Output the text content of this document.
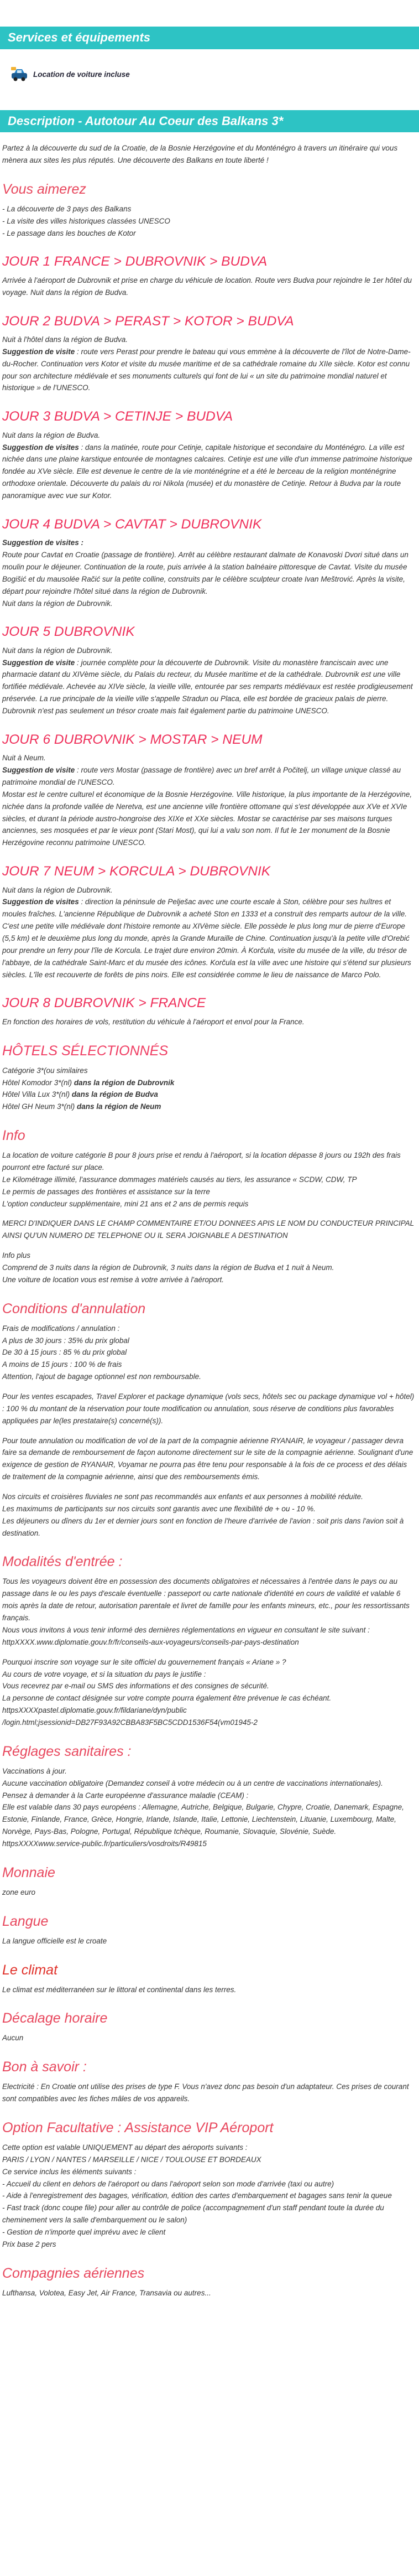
Services et équipements
Location de voiture incluse
Description - Autotour Au Coeur des Balkans 3*

Partez à la découverte du sud de la Croatie, de la Bosnie Herzégovine et du Monténégro à travers un itinéraire qui vous mènera aux sites les plus réputés. Une découverte des Balkans en toute liberté !

Vous aimerez

- La découverte de 3 pays des Balkans
- La visite des villes historiques classées UNESCO
- Le passage dans les bouches de Kotor

JOUR 1 FRANCE > DUBROVNIK > BUDVA

Arrivée à l'aéroport de Dubrovnik et prise en charge du véhicule de location. Route vers Budva pour rejoindre le 1er hôtel du voyage. Nuit dans la région de Budva.

JOUR 2 BUDVA > PERAST > KOTOR > BUDVA

Nuit à l'hôtel dans la région de Budva.
Suggestion de visite : route vers Perast pour prendre le bateau qui vous emmène à la découverte de l'îlot de Notre-Dame-du-Rocher. Continuation vers Kotor et visite du musée maritime et de sa cathédrale romaine du XIIe siècle. Kotor est connu pour son architecture médiévale et ses monuments culturels qui font de lui « un site du patrimoine mondial naturel et historique » de l'UNESCO.

JOUR 3 BUDVA > CETINJE > BUDVA

Nuit dans la région de Budva.
Suggestion de visites : dans la matinée, route pour Cetinje, capitale historique et secondaire du Monténégro. La ville est nichée dans une plaine karstique entourée de montagnes calcaires. Cetinje est une ville d'un immense patrimoine historique fondée au XVe siècle. Elle est devenue le centre de la vie monténégrine et a été le berceau de la religion monténégrine orthodoxe orientale. Découverte du palais du roi Nikola (musée) et du monastère de Cetinje. Retour à Budva par la route panoramique avec vue sur Kotor.

JOUR 4 BUDVA > CAVTAT > DUBROVNIK

Suggestion de visites :
Route pour Cavtat en Croatie (passage de frontière). Arrêt au célèbre restaurant dalmate de Konavoski Dvori situé dans un moulin pour le déjeuner. Continuation de la route, puis arrivée à la station balnéaire pittoresque de Cavtat. Visite du musée Bogišić et du mausolée Račić sur la petite colline, construits par le célèbre sculpteur croate Ivan Meštrović. Après la visite, départ pour rejoindre l'hôtel situé dans la région de Dubrovnik.
Nuit dans la région de Dubrovnik.

JOUR 5 DUBROVNIK

Nuit dans la région de Dubrovnik.
Suggestion de visite : journée complète pour la découverte de Dubrovnik. Visite du monastère franciscain avec une pharmacie datant du XIVème siècle, du Palais du recteur, du Musée maritime et de la cathédrale. Dubrovnik est une ville fortifiée médiévale. Achevée au XIVe siècle, la vieille ville, entourée par ses remparts médiévaux est restée prodigieusement préservée. La rue principale de la vieille ville s'appelle Stradun ou Placa, elle est bordée de gracieux palais de pierre. Dubrovnik n'est pas seulement un trésor croate mais fait également partie du patrimoine UNESCO.

JOUR 6 DUBROVNIK > MOSTAR > NEUM

Nuit à Neum.
Suggestion de visite : route vers Mostar (passage de frontière) avec un bref arrêt à Počitelj, un village unique classé au patrimoine mondial de l'UNESCO.
Mostar est le centre culturel et économique de la Bosnie Herzégovine. Ville historique, la plus importante de la Herzégovine, nichée dans la profonde vallée de Neretva, est une ancienne ville frontière ottomane qui s'est développée aux XVe et XVIe siècles, et durant la période austro-hongroise des XIXe et XXe siècles. Mostar se caractérise par ses maisons turques anciennes, ses mosquées et par le vieux pont (Stari Most), qui lui a valu son nom. Il fut le 1er monument de la Bosnie Herzégovine reconnu patrimoine UNESCO.

JOUR 7 NEUM > KORCULA > DUBROVNIK

Nuit dans la région de Dubrovnik.
Suggestion de visites : direction la péninsule de Pelješac avec une courte escale à Ston, célèbre pour ses huîtres et moules fraîches. L'ancienne République de Dubrovnik a acheté Ston en 1333 et a construit des remparts autour de la ville. C'est une petite ville médiévale dont l'histoire remonte au XIVème siècle. Elle possède le plus long mur de pierre d'Europe (5,5 km) et le deuxième plus long du monde, après la Grande Muraille de Chine. Continuation jusqu'à la petite ville d'Orebić pour prendre un ferry pour l'île de Korcula. Le trajet dure environ 20min. À Korčula, visite du musée de la ville, du trésor de l'abbaye, de la cathédrale Saint-Marc et du musée des icônes. Korčula est la ville avec une histoire qui s'étend sur plusieurs siècles. L'île est recouverte de forêts de pins noirs. Elle est considérée comme le lieu de naissance de Marco Polo.

JOUR 8 DUBROVNIK > FRANCE

En fonction des horaires de vols, restitution du véhicule à l'aéroport et envol pour la France.

HÔTELS SÉLECTIONNÉS

Catégorie 3*(ou similaires
Hôtel Komodor 3*(nl) dans la région de Dubrovnik
Hôtel Villa Lux 3*(nl) dans la région de Budva
Hôtel GH Neum 3*(nl) dans la région de Neum

Info

La location de voiture catégorie B pour 8 jours prise et rendu à l'aéroport, si la location dépasse 8 jours ou 192h des frais pourront etre facturé sur place.
Le Kilométrage illimité, l'assurance dommages matériels causés au tiers, les assurance « SCDW, CDW, TP
Le permis de passages des frontières et assistance sur la terre
L'option conducteur supplémentaire, mini 21 ans et 2 ans de permis requis

MERCI D'INDIQUER DANS LE CHAMP COMMENTAIRE ET/OU DONNEES APIS LE NOM DU CONDUCTEUR PRINCIPAL AINSI QU'UN NUMERO DE TELEPHONE OU IL SERA JOIGNABLE A DESTINATION

Info plus
Comprend de 3 nuits dans la région de Dubrovnik, 3 nuits dans la région de Budva et 1 nuit à Neum.
Une voiture de location vous est remise à votre arrivée à l'aéroport.

Conditions d'annulation

Frais de modifications / annulation :
A plus de 30 jours : 35% du prix global
De 30 à 15 jours : 85 % du prix global
A moins de 15 jours : 100 % de frais
Attention, l'ajout de bagage optionnel est non remboursable.

Pour les ventes escapades, Travel Explorer et package dynamique (vols secs, hôtels sec ou package dynamique vol + hôtel) : 100 % du montant de la réservation pour toute modification ou annulation, sous réserve de conditions plus favorables appliquées par le(les prestataire(s) concerné(s)).

Pour toute annulation ou modification de vol de la part de la compagnie aérienne RYANAIR, le voyageur / passager devra faire sa demande de remboursement de façon autonome directement sur le site de la compagnie aérienne. Soulignant d'une exigence de gestion de RYANAIR, Voyamar ne pourra pas être tenu pour responsable à la fois de ce process et des délais de traitement de la compagnie aérienne, ainsi que des remboursements émis.

Nos circuits et croisières fluviales ne sont pas recommandés aux enfants et aux personnes à mobilité réduite.
Les maximums de participants sur nos circuits sont garantis avec une flexibilité de + ou - 10 %.
Les déjeuners ou dîners du 1er et dernier jours sont en fonction de l'heure d'arrivée de l'avion : soit pris dans l'avion soit à destination.

Modalités d'entrée :

Tous les voyageurs doivent être en possession des documents obligatoires et nécessaires à l'entrée dans le pays ou au passage dans le ou les pays d'escale éventuelle : passeport ou carte nationale d'identité en cours de validité et valable 6 mois après la date de retour, autorisation parentale et livret de famille pour les enfants mineurs, etc., pour les ressortissants français.
Nous vous invitons à vous tenir informé des dernières réglementations en vigueur en consultant le site suivant : httpXXXX.www.diplomatie.gouv.fr/fr/conseils-aux-voyageurs/conseils-par-pays-destination

Pourquoi inscrire son voyage sur le site officiel du gouvernement français « Ariane » ?
Au cours de votre voyage, et si la situation du pays le justifie :
Vous recevrez par e-mail ou SMS des informations et des consignes de sécurité.
La personne de contact désignée sur votre compte pourra également être prévenue le cas échéant.
httpsXXXXpastel.diplomatie.gouv.fr/fildariane/dyn/public
/login.html;jsessionid=DB27F93A92CBBA83F5BC5CDD1536F54(vm01945-2

Réglages sanitaires :

Vaccinations à jour.
Aucune vaccination obligatoire (Demandez conseil à votre médecin ou à un centre de vaccinations internationales).
Pensez à demander à la Carte européenne d'assurance maladie (CEAM) :
Elle est valable dans 30 pays européens : Allemagne, Autriche, Belgique, Bulgarie, Chypre, Croatie, Danemark, Espagne, Estonie, Finlande, France, Grèce, Hongrie, Irlande, Islande, Italie, Lettonie, Liechtenstein, Lituanie, Luxembourg, Malte, Norvège, Pays-Bas, Pologne, Portugal, République tchèque, Roumanie, Slovaquie, Slovénie, Suède.
httpsXXXXwww.service-public.fr/particuliers/vosdroits/R49815

Monnaie

zone euro

Langue

La langue officielle est le croate

Le climat

Le climat est méditerranéen sur le littoral et continental dans les terres.

Décalage horaire

Aucun

Bon à savoir :

Electricité : En Croatie ont utilise des prises de type F. Vous n'avez donc pas besoin d'un adaptateur. Ces prises de courant sont compatibles avec les fiches mâles de vos appareils.

Option Facultative : Assistance VIP Aéroport

Cette option est valable UNIQUEMENT au départ des aéroports suivants :
PARIS / LYON / NANTES / MARSEILLE / NICE / TOULOUSE ET BORDEAUX
Ce service inclus les éléments suivants :
- Accueil du client en dehors de l'aéroport ou dans l'aéroport selon son mode d'arrivée (taxi ou autre)
- Aide à l'enregistrement des bagages, vérification, édition des cartes d'embarquement et bagages sans tenir la queue
- Fast track (donc coupe file) pour aller au contrôle de police (accompagnement d'un staff pendant toute la durée du cheminement vers la salle d'embarquement ou le salon)
- Gestion de n'importe quel imprévu avec le client
Prix base 2 pers

Compagnies aériennes

Lufthansa, Volotea, Easy Jet, Air France, Transavia ou autres...
